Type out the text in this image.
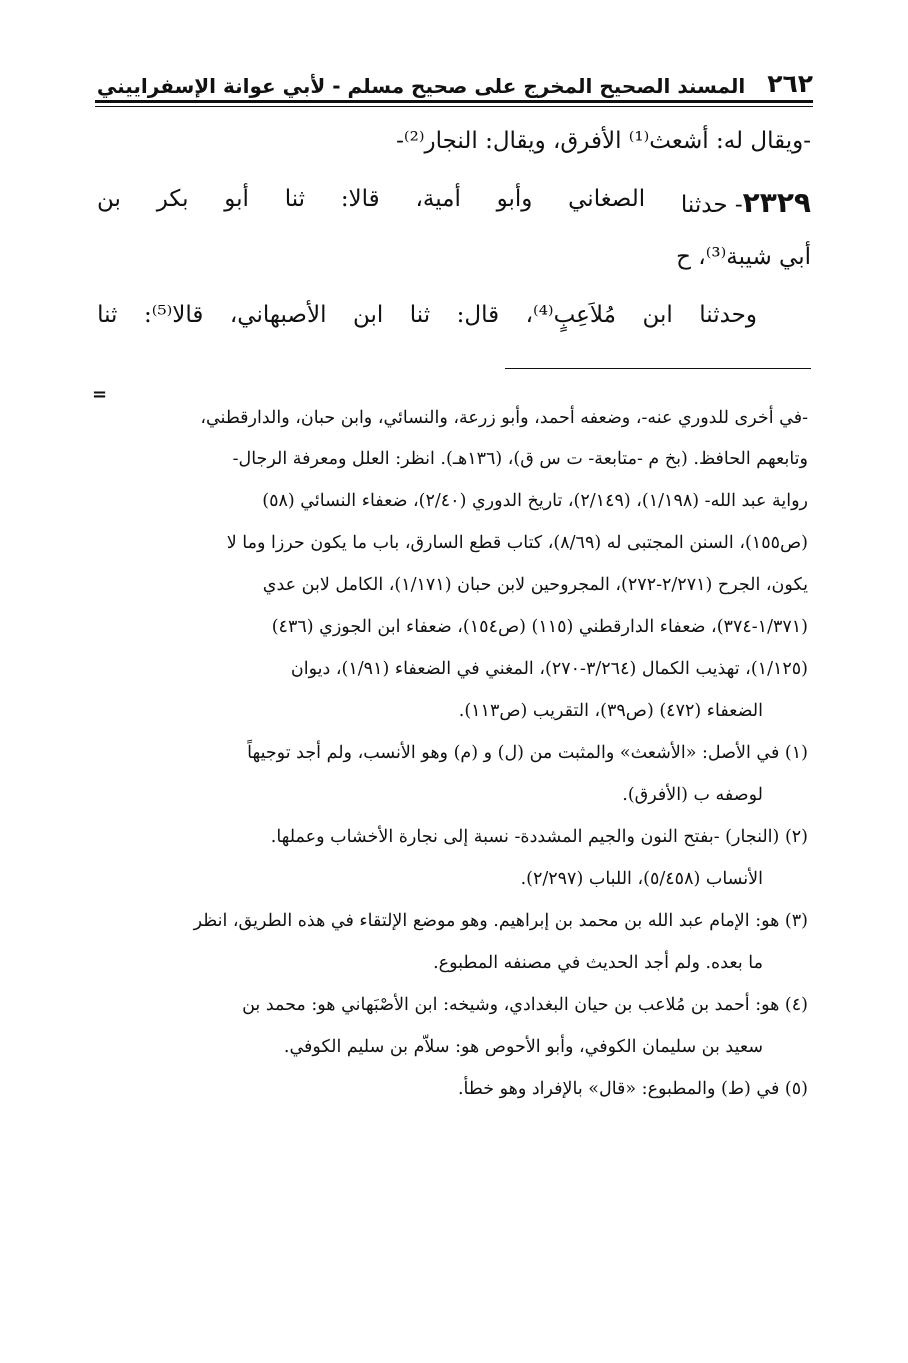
٢٦٢
المسند الصحيح المخرج على صحيح مسلم - لأبي عوانة الإسفراييني
-ويقال له: أشعث⁽¹⁾ الأفرق، ويقال: النجار⁽²⁾-
٢٣٢٩
- حدثنا
الصغاني
وأبو
أمية،
قالا:
ثنا
أبو
بكر
بن
أبي شيبة⁽³⁾، ح
وحدثنا
ابن
مُلاَعِبٍ⁽⁴⁾،
قال:
ثنا
ابن
الأصبهاني،
قالا⁽⁵⁾:
ثنا
=
-في أخرى للدوري عنه-، وضعفه أحمد، وأبو زرعة، والنسائي، وابن حبان، والدارقطني،
وتابعهم الحافظ. (بخ م -متابعة- ت س ق)، (١٣٦هـ). انظر: العلل ومعرفة الرجال-
رواية عبد الله- (١/١٩٨)، (٢/١٤٩)، تاريخ الدوري (٢/٤٠)، ضعفاء النسائي (٥٨)
(ص١٥٥)، السنن المجتبى له (٨/٦٩)، كتاب قطع السارق، باب ما يكون حرزا وما لا
يكون، الجرح (٢/٢٧١-٢٧٢)، المجروحين لابن حبان (١/١٧١)، الكامل لابن عدي
(١/٣٧١-٣٧٤)، ضعفاء الدارقطني (١١٥) (ص١٥٤)، ضعفاء ابن الجوزي (٤٣٦)
(١/١٢٥)، تهذيب الكمال (٣/٢٦٤-٢٧٠)، المغني في الضعفاء (١/٩١)، ديوان
الضعفاء (٤٧٢) (ص٣٩)، التقريب (ص١١٣).
(١) في الأصل: «الأشعث» والمثبت من (ل) و (م) وهو الأنسب، ولم أجد توجيهاً
لوصفه ب (الأفرق).
(٢) (النجار) -بفتح النون والجيم المشددة- نسبة إلى نجارة الأخشاب وعملها.
الأنساب (٥/٤٥٨)، اللباب (٢/٢٩٧).
(٣) هو: الإمام عبد الله بن محمد بن إبراهيم. وهو موضع الإلتقاء في هذه الطريق، انظر
ما بعده. ولم أجد الحديث في مصنفه المطبوع.
(٤) هو: أحمد بن مُلاعب بن حيان البغدادي، وشيخه: ابن الأصْبَهاني هو: محمد بن
سعيد بن سليمان الكوفي، وأبو الأحوص هو: سلاّم بن سليم الكوفي.
(٥) في (ط) والمطبوع: «قال» بالإفراد وهو خطأ.
